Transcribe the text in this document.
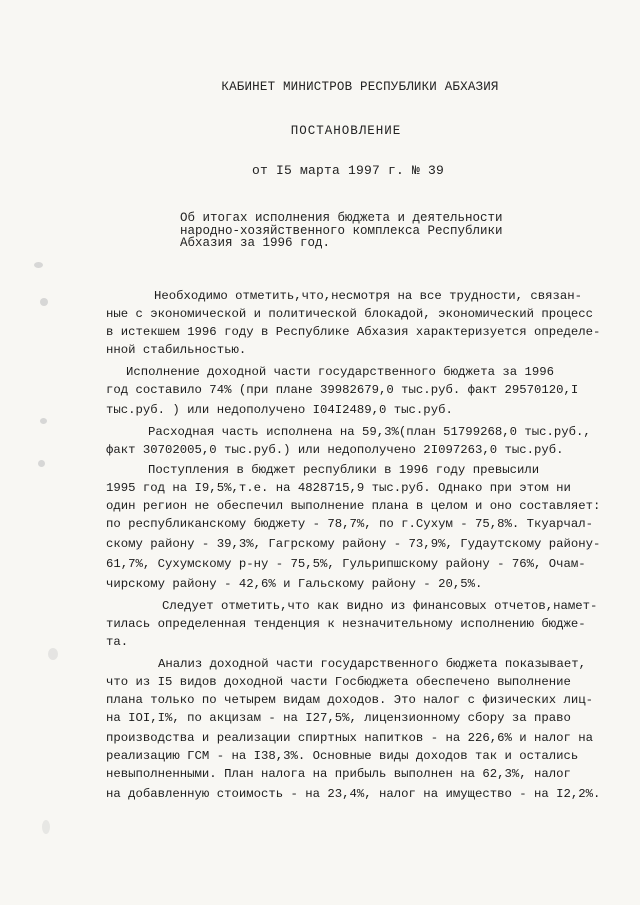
КАБИНЕТ МИНИСТРОВ РЕСПУБЛИКИ АБХАЗИЯ
ПОСТАНОВЛЕНИЕ
от I5 марта 1997 г. № 39
Об итогах исполнения бюджета и деятельности
народно-хозяйственного комплекса Республики
Абхазия за 1996 год.
Необходимо отметить,что,несмотря на все трудности, связан-
ные с экономической и политической блокадой, экономический процесс
в истекшем 1996 году в Республике Абхазия характеризуется определе-
нной стабильностью.
Исполнение доходной части государственного бюджета за 1996
год составило 74% (при плане 39982679,0 тыс.руб. факт 29570120,I
тыс.руб. ) или недополучено I04I2489,0 тыс.руб.
Расходная часть исполнена на 59,3%(план 51799268,0 тыс.руб.,
факт 30702005,0 тыс.руб.) или недополучено 2I097263,0 тыс.руб.
Поступления в бюджет республики в 1996 году превысили
1995 год на I9,5%,т.е. на 4828715,9 тыс.руб. Однако при этом ни
один регион не обеспечил выполнение плана в целом и оно составляет:
по республиканскому бюджету - 78,7%, по г.Сухум - 75,8%. Ткуарчал-
скому району - 39,3%, Гагрскому району - 73,9%, Гудаутскому району-
61,7%, Сухумскому р-ну - 75,5%, Гульрипшскому району - 76%, Очам-
чирскому району - 42,6% и Гальскому району - 20,5%.
Следует отметить,что как видно из финансовых отчетов,намет-
тилась определенная тенденция к незначительному исполнению бюдже-
та.
Анализ доходной части государственного бюджета показывает,
что из I5 видов доходной части Госбюджета обеспечено выполнение
плана только по четырем видам доходов. Это налог с физических лиц-
на IOI,I%, по акцизам - на I27,5%, лицензионному сбору за право
производства и реализации спиртных напитков - на 226,6% и налог на
реализацию ГСМ - на I38,3%. Основные виды доходов так и остались
невыполненными. План налога на прибыль выполнен на 62,3%, налог
на добавленную стоимость - на 23,4%, налог на имущество - на I2,2%.
